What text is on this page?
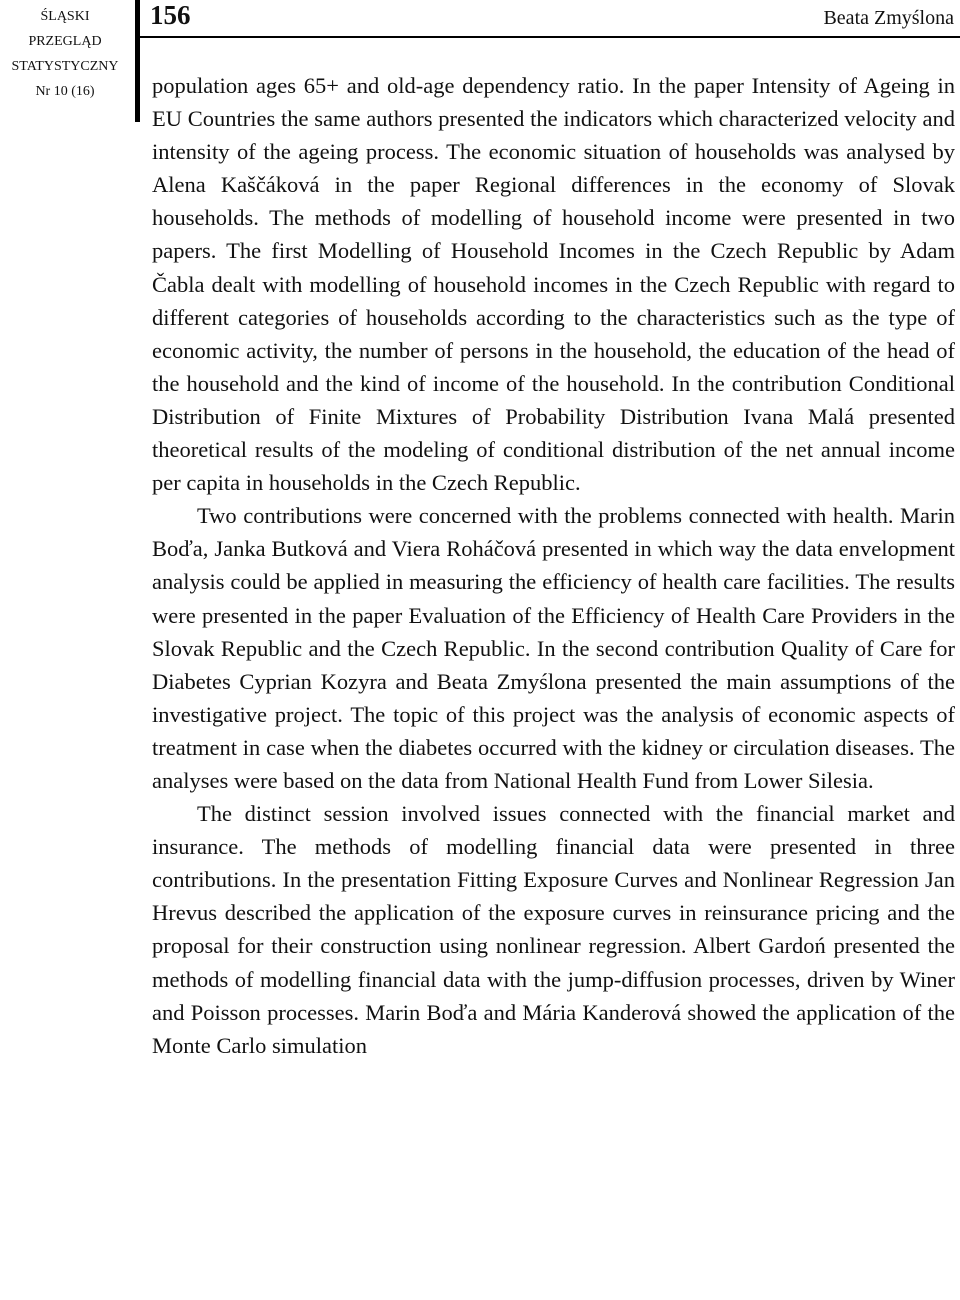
ŚLĄSKI
PRZEGLĄD
STATYSTYCZNY
Nr 10 (16)
156	Beata Zmyślona

population ages 65+ and old-age dependency ratio. In the paper Intensity of Ageing in EU Countries the same authors presented the indicators which characterized velocity and intensity of the ageing process. The economic situation of households was analysed by Alena Kaščáková in the paper Regional differences in the economy of Slovak households. The methods of modelling of household income were presented in two papers. The first Modelling of Household Incomes in the Czech Republic by Adam Čabla dealt with modelling of household incomes in the Czech Republic with regard to different categories of households according to the characteristics such as the type of economic activity, the number of persons in the household, the education of the head of the household and the kind of income of the household. In the contribution Conditional Distribution of Finite Mixtures of Probability Distribution Ivana Malá presented theoretical results of the modeling of conditional distribution of the net annual income per capita in households in the Czech Republic.

Two contributions were concerned with the problems connected with health. Marin Boďa, Janka Butková and Viera Roháčová presented in which way the data envelopment analysis could be applied in measuring the efficiency of health care facilities. The results were presented in the paper Evaluation of the Efficiency of Health Care Providers in the Slovak Republic and the Czech Republic. In the second contribution Quality of Care for Diabetes Cyprian Kozyra and Beata Zmyślona presented the main assumptions of the investigative project. The topic of this project was the analysis of economic aspects of treatment in case when the diabetes occurred with the kidney or circulation diseases. The analyses were based on the data from National Health Fund from Lower Silesia.

The distinct session involved issues connected with the financial market and insurance. The methods of modelling financial data were presented in three contributions. In the presentation Fitting Exposure Curves and Nonlinear Regression Jan Hrevus described the application of the exposure curves in reinsurance pricing and the proposal for their construction using nonlinear regression. Albert Gardoń presented the methods of modelling financial data with the jump-diffusion processes, driven by Winer and Poisson processes. Marin Boďa and Mária Kanderová showed the application of the Monte Carlo simulation
